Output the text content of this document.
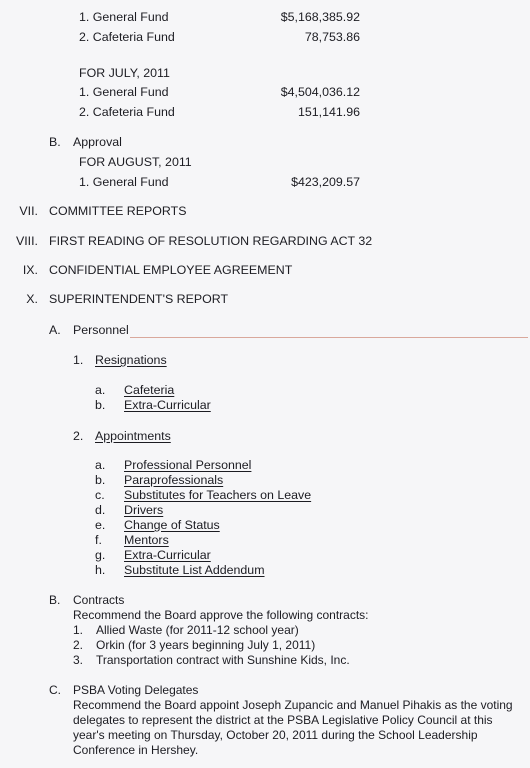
1. General Fund	$5,168,385.92
2. Cafeteria Fund	78,753.86
FOR JULY, 2011
1. General Fund	$4,504,036.12
2. Cafeteria Fund	151,141.96
B. Approval
FOR AUGUST, 2011
1. General Fund	$423,209.57
VII. COMMITTEE REPORTS
VIII. FIRST READING OF RESOLUTION REGARDING ACT 32
IX. CONFIDENTIAL EMPLOYEE AGREEMENT
X. SUPERINTENDENT'S REPORT
A. Personnel
1. Resignations
a. Cafeteria
b. Extra-Curricular
2. Appointments
a. Professional Personnel
b. Paraprofessionals
c. Substitutes for Teachers on Leave
d. Drivers
e. Change of Status
f. Mentors
g. Extra-Curricular
h. Substitute List Addendum
B. Contracts
Recommend the Board approve the following contracts:
1. Allied Waste (for 2011-12 school year)
2. Orkin (for 3 years beginning July 1, 2011)
3. Transportation contract with Sunshine Kids, Inc.
C. PSBA Voting Delegates
Recommend the Board appoint Joseph Zupancic and Manuel Pihakis as the voting
delegates to represent the district at the PSBA Legislative Policy Council at this
year's meeting on Thursday, October 20, 2011 during the School Leadership
Conference in Hershey.
